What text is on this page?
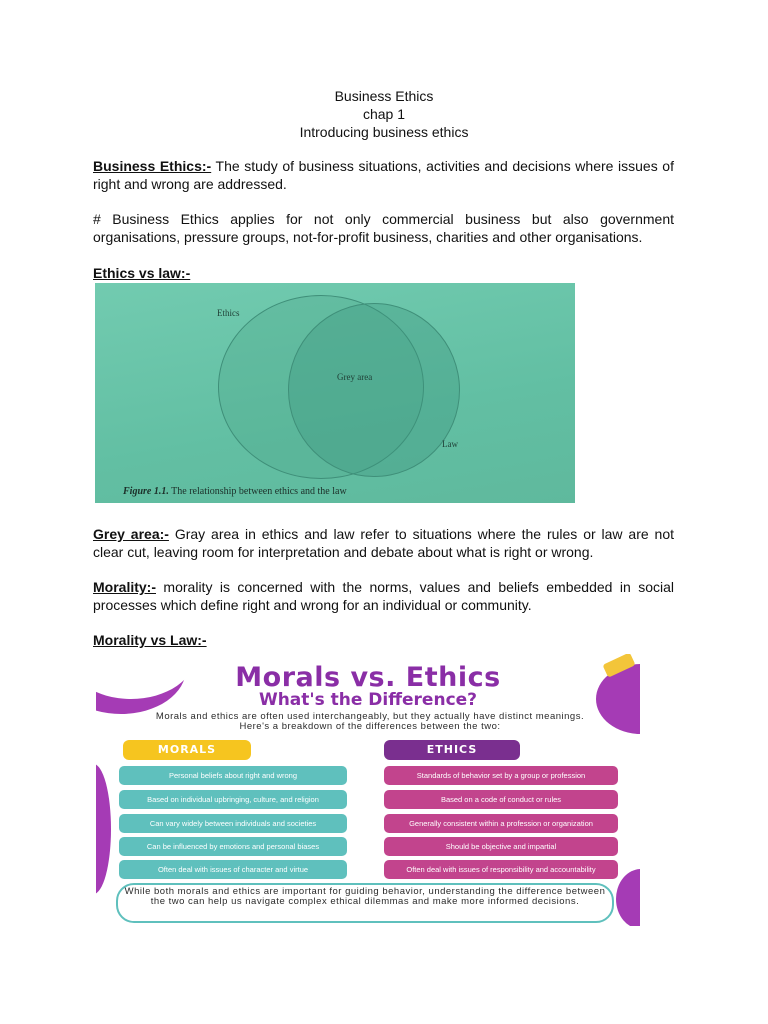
Business Ethics
chap 1
Introducing business ethics
Business Ethics:- The study of business situations, activities and decisions where issues of right and wrong are addressed.
# Business Ethics applies for not only commercial business but also government organisations, pressure groups, not-for-profit business, charities and other organisations.
Ethics vs law:-
Ethics
Grey area
Law
Figure 1.1. The relationship between ethics and the law
Grey area:- Gray area in ethics and law refer to situations where the rules or law are not clear cut, leaving room for interpretation and debate about what is right or wrong.
Morality:- morality is concerned with the norms, values and beliefs embedded in social processes which define right and wrong for an individual or community.
Morality vs Law:-
Morals vs. Ethics
What's the Difference?
Morals and ethics are often used interchangeably, but they actually have distinct meanings. Here's a breakdown of the differences between the two:
MORALS	ETHICS
Personal beliefs about right and wrong
Based on individual upbringing, culture, and religion
Can vary widely between individuals and societies
Can be influenced by emotions and personal biases
Often deal with issues of character and virtue
Standards of behavior set by a group or profession
Based on a code of conduct or rules
Generally consistent within a profession or organization
Should be objective and impartial
Often deal with issues of responsibility and accountability
While both morals and ethics are important for guiding behavior, understanding the difference between the two can help us navigate complex ethical dilemmas and make more informed decisions.
